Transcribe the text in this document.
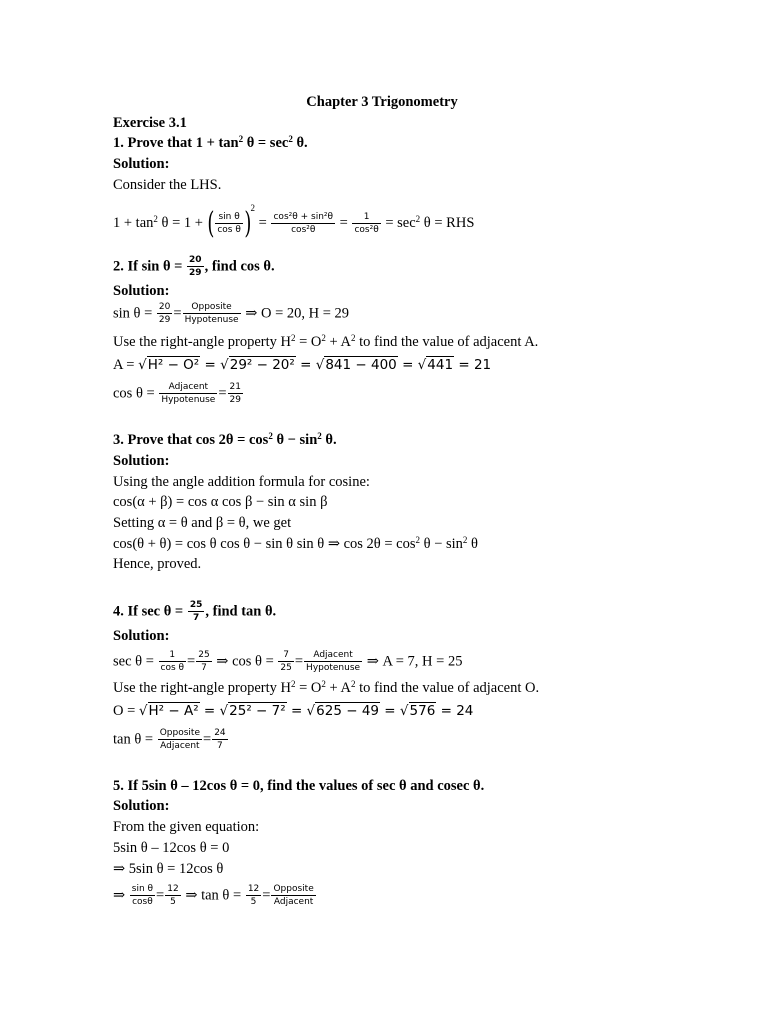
Chapter 3 Trigonometry
Exercise 3.1
1. Prove that $1 + \tan^2 \theta = \sec^2 \theta$.
Solution:
Consider the LHS.
$1 + \tan^2 \theta = 1$ + ( $\frac{\text{sin θ}}{\text{cos θ}} )2 = \frac{\text{cos²θ + sin²θ}}{\text{cos²θ}} = \frac{1}{\text{cos²θ}} = \sec^2 \theta$ = RHS
2. If $\sin \theta = \frac{20}{29}$ , find cos θ.
Solution:
$\sin \theta = \frac{20}{29} = \frac{\text{Opposite}}{\text{Hypotenuse}}$ ⇒ O = 20, H = 29
Use the right-angle property $H^2 = O^2 + A^2$ to find the value of adjacent A.
A = √H² − O² = √29² − 20² = √841 − 400 = √441 = 21
$\cos \theta = \frac{\text{Adjacent}}{\text{Hypotenuse}} = \frac{21}{29}$
3. Prove that $\cos 2\theta = \cos^2 \theta - \sin^2 \theta$.
Solution:
Using the angle addition formula for cosine:
cos(α + β) = cos α cos β − sin α sin β
Setting α = θ and β = θ, we get
cos(θ + θ) = cos θ cos θ − sin θ sin θ ⇒ $\cos 2\theta = \cos^2 \theta - \sin^2 \theta$
Hence, proved.
4. If $\sec \theta = \frac{25}{7}$ , find tan θ.
Solution:
$\sec \theta = \frac{1}{\text{cos θ}} = \frac{25}{7}$ ⇒ $\cos \theta = \frac{7}{25} = \frac{\text{Adjacent}}{\text{Hypotenuse}}$ ⇒ A = 7, H = 25
Use the right-angle property $H^2 = O^2 + A^2$ to find the value of adjacent O.
O = √H² − A² = √25² − 7² = √625 − 49 = √576 = 24
$\tan \theta = \frac{\text{Opposite}}{\text{Adjacent}} = \frac{24}{7}$
5. If 5sin θ – 12cos θ = 0, find the values of sec θ and cosec θ.
Solution:
From the given equation:
5sin θ – 12cos θ = 0
⇒ 5sin θ = 12cos θ
⇒ $\frac{\text{sin θ}}{\cos\theta} = \frac{12}{5}$ ⇒ $\tan \theta = \frac{12}{5} = \frac{\text{Opposite}}{\text{Adjacent}}$
